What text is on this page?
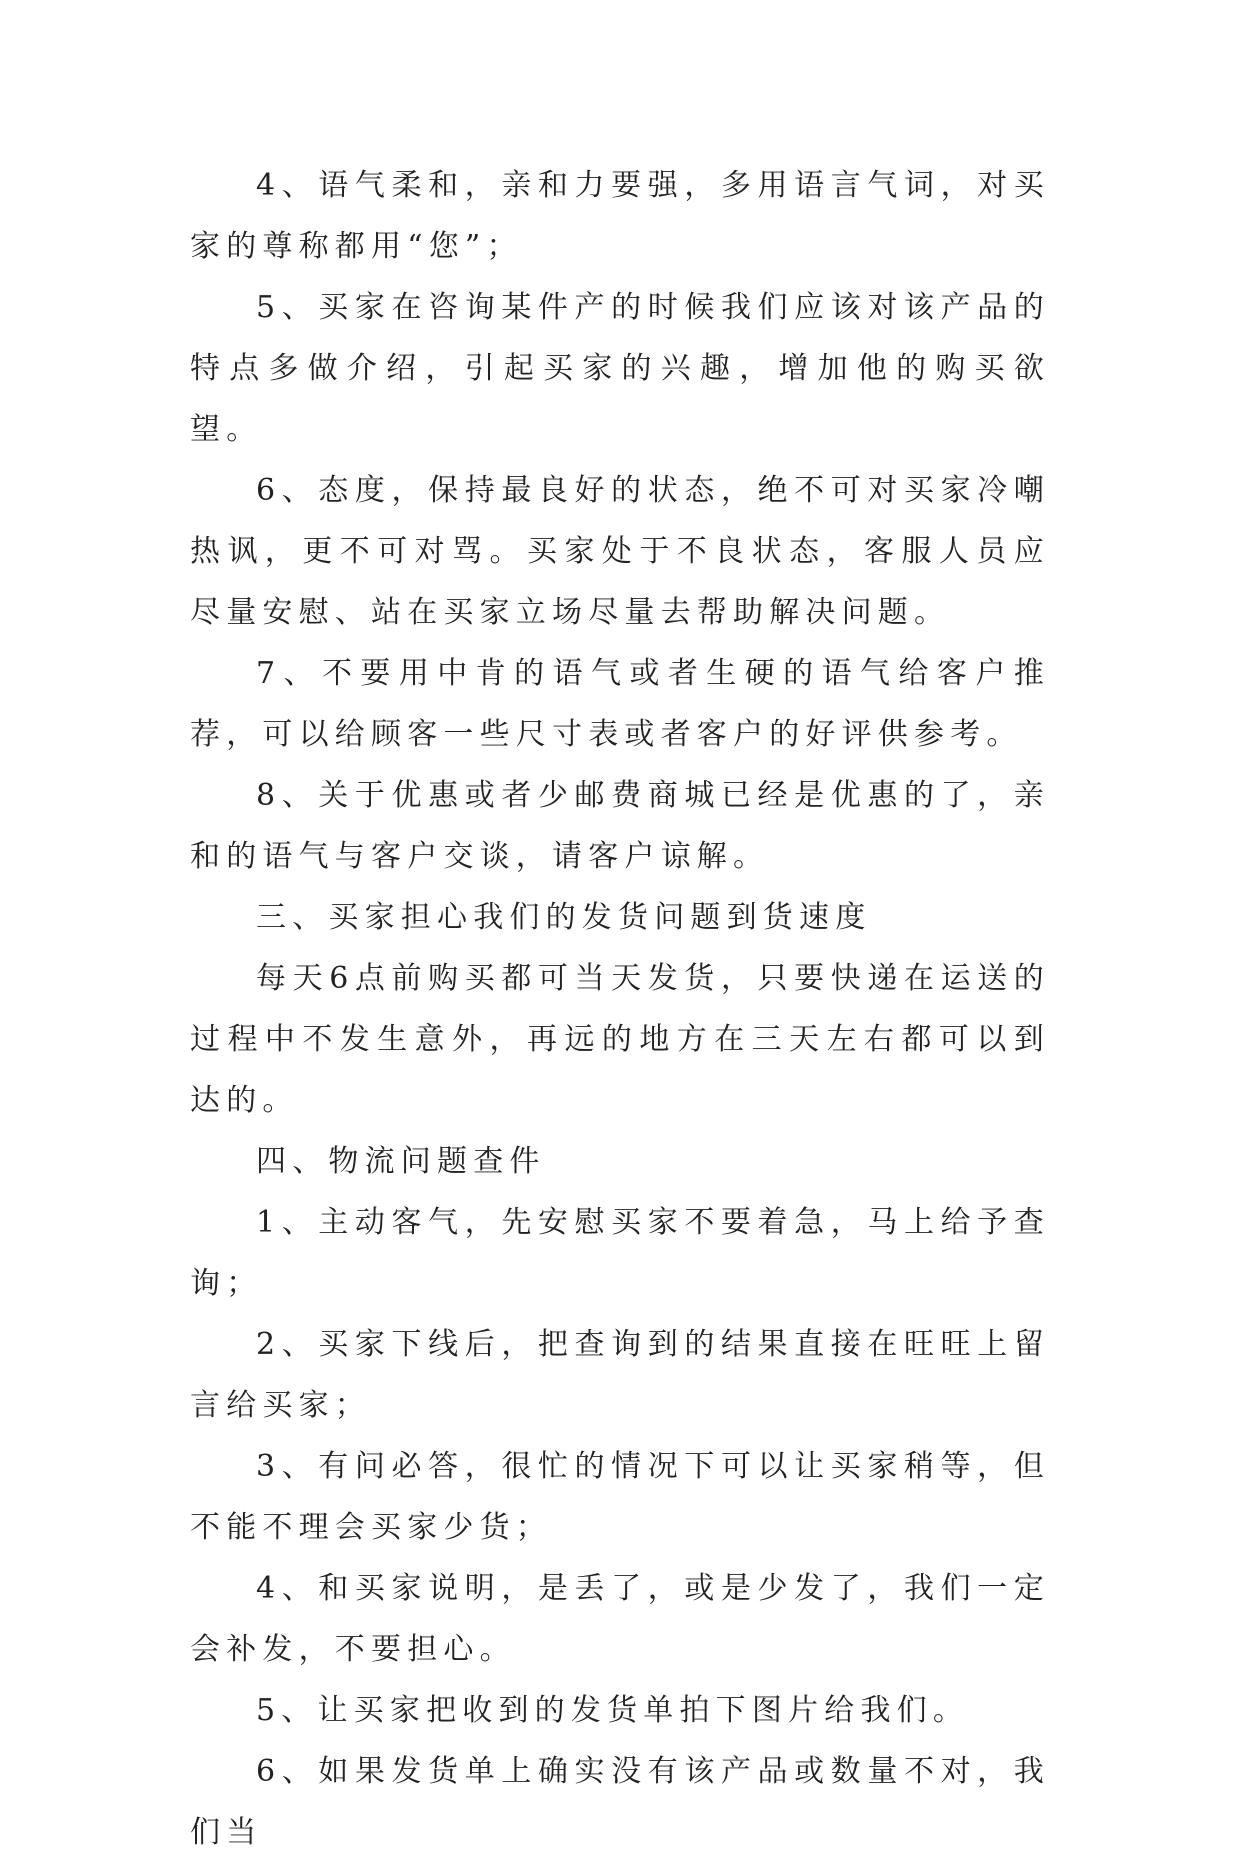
4、语气柔和，亲和力要强，多用语言气词，对买家的尊称都用“您”；

5、买家在咨询某件产的时候我们应该对该产品的特点多做介绍，引起买家的兴趣，增加他的购买欲望。

6、态度，保持最良好的状态，绝不可对买家冷嘲热讽，更不可对骂。买家处于不良状态，客服人员应尽量安慰、站在买家立场尽量去帮助解决问题。

7、不要用中肯的语气或者生硬的语气给客户推荐，可以给顾客一些尺寸表或者客户的好评供参考。

8、关于优惠或者少邮费商城已经是优惠的了，亲和的语气与客户交谈，请客户谅解。

三、买家担心我们的发货问题到货速度

每天6点前购买都可当天发货，只要快递在运送的过程中不发生意外，再远的地方在三天左右都可以到达的。

四、物流问题查件

1、主动客气，先安慰买家不要着急，马上给予查询；

2、买家下线后，把查询到的结果直接在旺旺上留言给买家；

3、有问必答，很忙的情况下可以让买家稍等，但不能不理会买家少货；

4、和买家说明，是丢了，或是少发了，我们一定会补发，不要担心。

5、让买家把收到的发货单拍下图片给我们。

6、如果发货单上确实没有该产品或数量不对，我们当
